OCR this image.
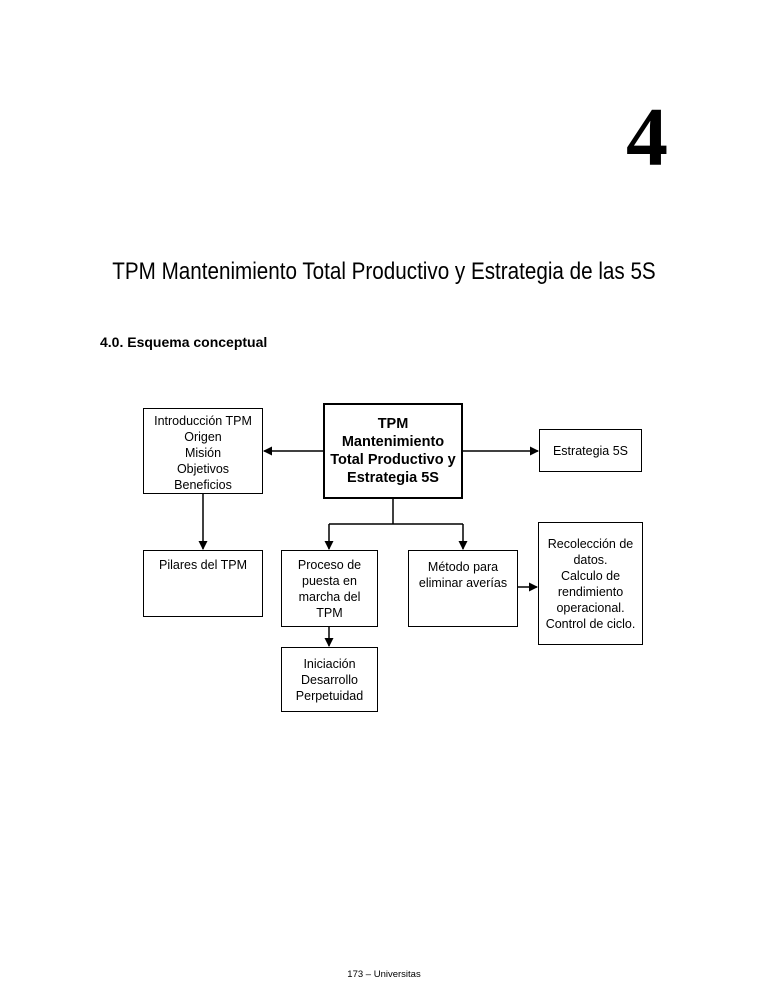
4
TPM Mantenimiento Total Productivo y Estrategia de las 5S
4.0. Esquema conceptual
Introducción TPM
Origen
Misión
Objetivos
Beneficios
TPM
Mantenimiento
Total Productivo y
Estrategia 5S
Estrategia 5S
Pilares del TPM	Proceso de
puesta en
marcha del
TPM
Método para
eliminar averías
Recolección de
datos.
Calculo de
rendimiento
operacional.
Control de ciclo.
Iniciación
Desarrollo
Perpetuidad
173 – Universitas
